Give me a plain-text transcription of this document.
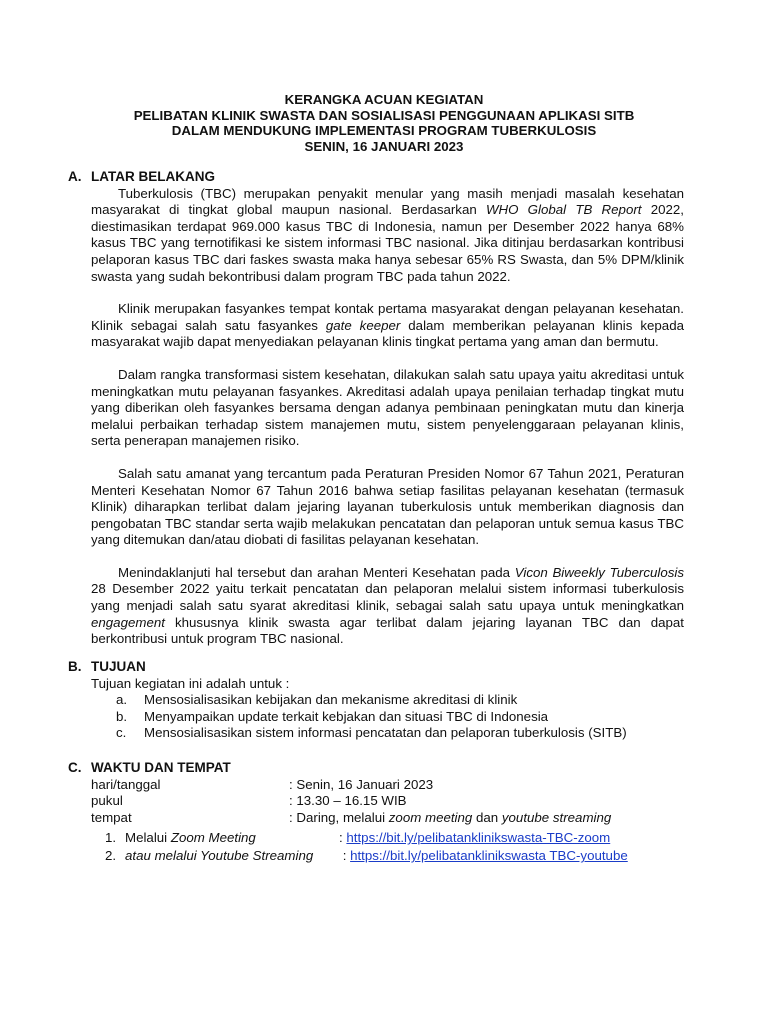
KERANGKA ACUAN KEGIATAN
PELIBATAN KLINIK SWASTA DAN SOSIALISASI PENGGUNAAN APLIKASI SITB
DALAM MENDUKUNG IMPLEMENTASI PROGRAM TUBERKULOSIS
SENIN, 16 JANUARI 2023
A. LATAR BELAKANG

Tuberkulosis (TBC) merupakan penyakit menular yang masih menjadi masalah kesehatan masyarakat di tingkat global maupun nasional. Berdasarkan WHO Global TB Report 2022, diestimasikan terdapat 969.000 kasus TBC di Indonesia, namun per Desember 2022 hanya 68% kasus TBC yang ternotifikasi ke sistem informasi TBC nasional. Jika ditinjau berdasarkan kontribusi pelaporan kasus TBC dari faskes swasta maka hanya sebesar 65% RS Swasta, dan 5% DPM/klinik swasta yang sudah bekontribusi dalam program TBC pada tahun 2022.

Klinik merupakan fasyankes tempat kontak pertama masyarakat dengan pelayanan kesehatan. Klinik sebagai salah satu fasyankes gate keeper dalam memberikan pelayanan klinis kepada masyarakat wajib dapat menyediakan pelayanan klinis tingkat pertama yang aman dan bermutu.

Dalam rangka transformasi sistem kesehatan, dilakukan salah satu upaya yaitu akreditasi untuk meningkatkan mutu pelayanan fasyankes. Akreditasi adalah upaya penilaian terhadap tingkat mutu yang diberikan oleh fasyankes bersama dengan adanya pembinaan peningkatan mutu dan kinerja melalui perbaikan terhadap sistem manajemen mutu, sistem penyelenggaraan pelayanan klinis, serta penerapan manajemen risiko.

Salah satu amanat yang tercantum pada Peraturan Presiden Nomor 67 Tahun 2021, Peraturan Menteri Kesehatan Nomor 67 Tahun 2016 bahwa setiap fasilitas pelayanan kesehatan (termasuk Klinik) diharapkan terlibat dalam jejaring layanan tuberkulosis untuk memberikan diagnosis dan pengobatan TBC standar serta wajib melakukan pencatatan dan pelaporan untuk semua kasus TBC yang ditemukan dan/atau diobati di fasilitas pelayanan kesehatan.

Menindaklanjuti hal tersebut dan arahan Menteri Kesehatan pada Vicon Biweekly Tuberculosis 28 Desember 2022 yaitu terkait pencatatan dan pelaporan melalui sistem informasi tuberkulosis yang menjadi salah satu syarat akreditasi klinik, sebagai salah satu upaya untuk meningkatkan engagement khususnya klinik swasta agar terlibat dalam jejaring layanan TBC dan dapat berkontribusi untuk program TBC nasional.

B. TUJUAN
Tujuan kegiatan ini adalah untuk :
a. Mensosialisasikan kebijakan dan mekanisme akreditasi di klinik
b. Menyampaikan update terkait kebjakan dan situasi TBC di Indonesia
c. Mensosialisasikan sistem informasi pencatatan dan pelaporan tuberkulosis (SITB)
C. WAKTU DAN TEMPAT
hari/tanggal	: Senin, 16 Januari 2023
pukul	: 13.30 – 16.15 WIB
tempat	: Daring, melalui zoom meeting dan youtube streaming
1. Melalui Zoom Meeting	: https://bit.ly/pelibatanklinikswasta-TBC-zoom
2. atau melalui Youtube Streaming	: https://bit.ly/pelibatanklinikswasta TBC-youtube
